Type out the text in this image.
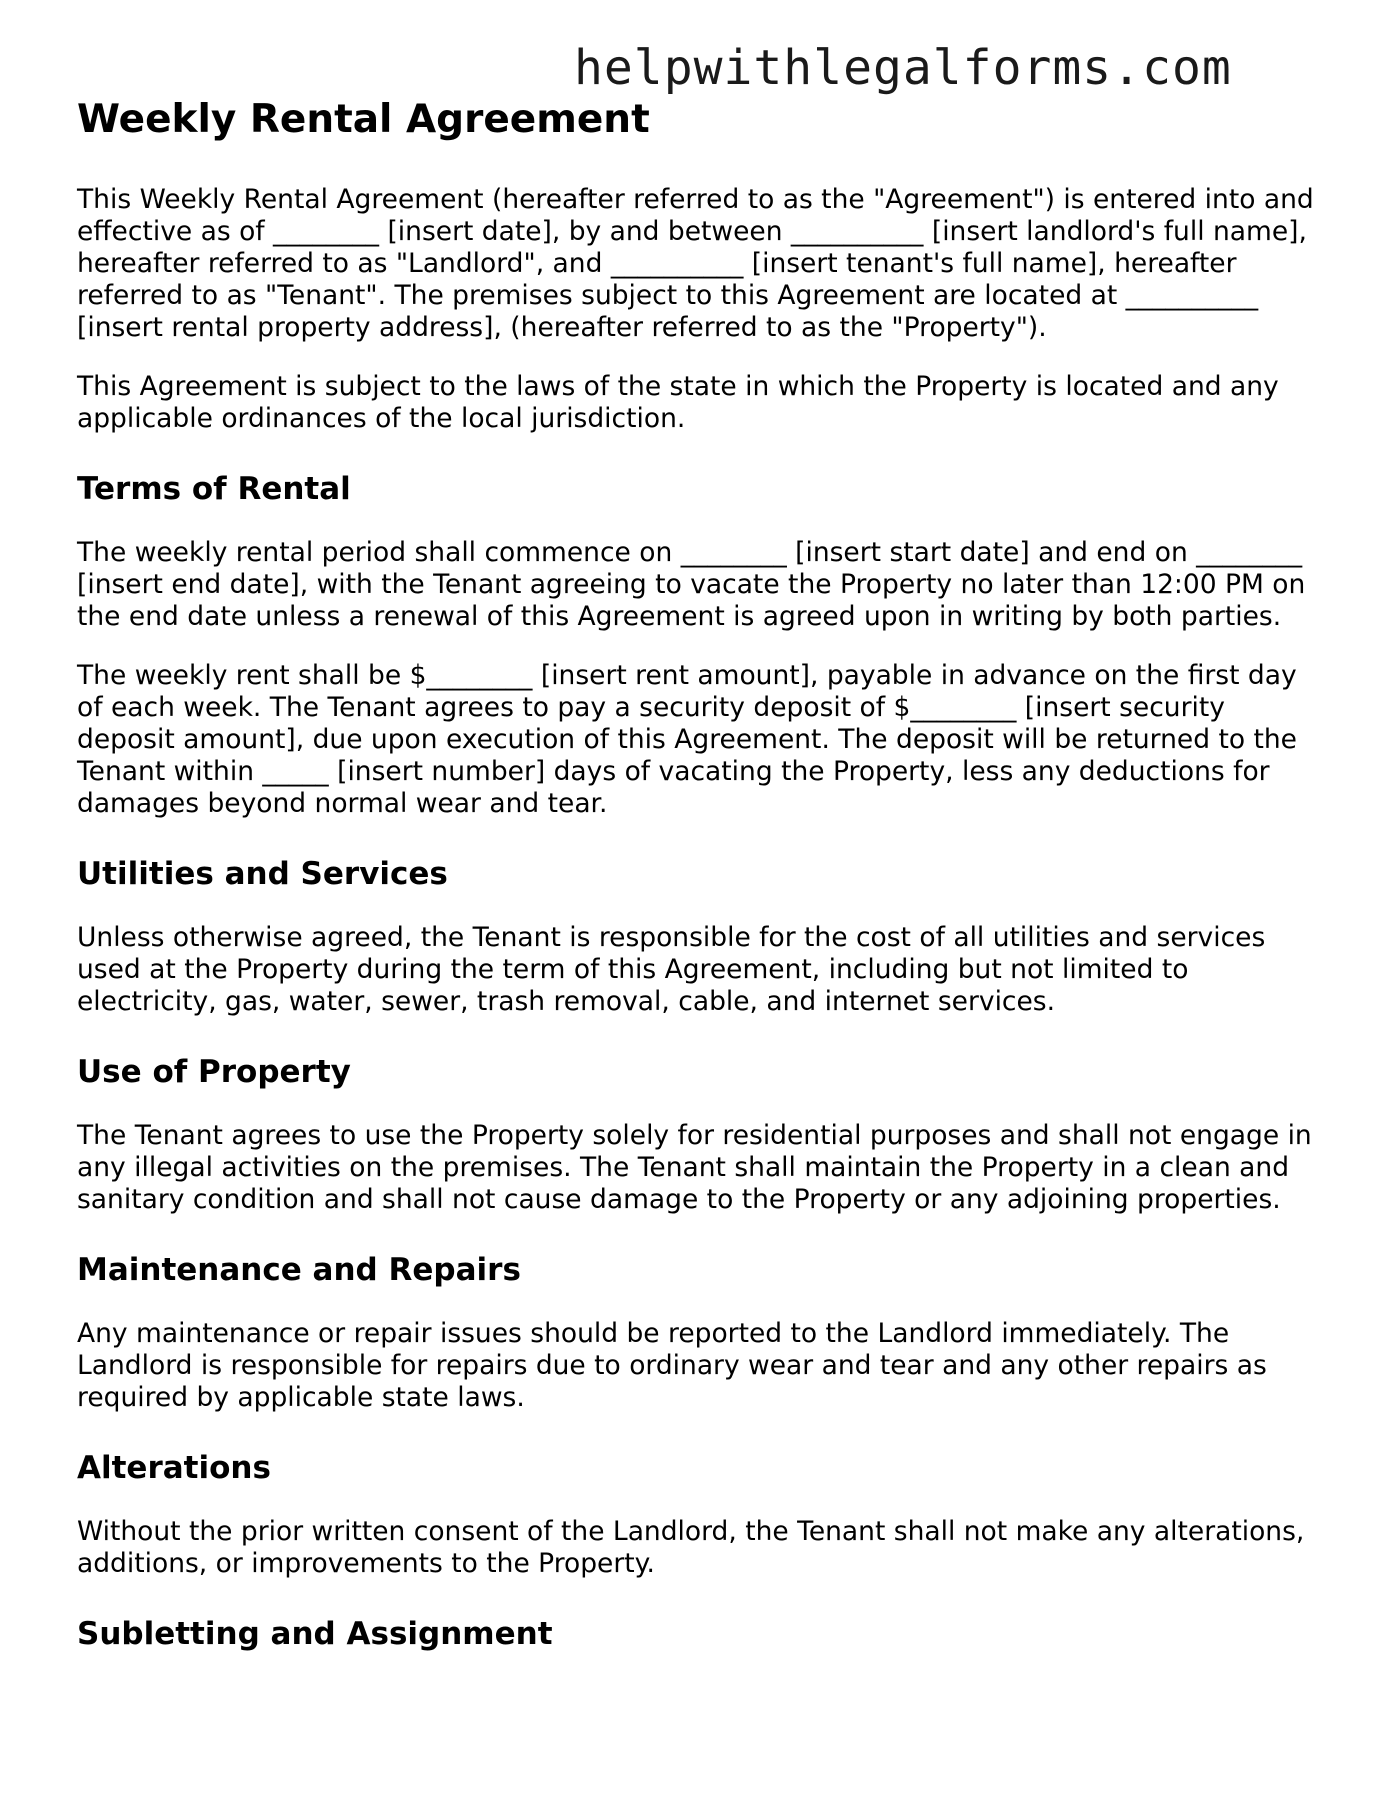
helpwithlegalforms.com
Weekly Rental Agreement

This Weekly Rental Agreement (hereafter referred to as the "Agreement") is entered into and effective as of ________ [insert date], by and between __________ [insert landlord's full name], hereafter referred to as "Landlord", and __________ [insert tenant's full name], hereafter referred to as "Tenant". The premises subject to this Agreement are located at __________ [insert rental property address], (hereafter referred to as the "Property").

This Agreement is subject to the laws of the state in which the Property is located and any applicable ordinances of the local jurisdiction.

Terms of Rental

The weekly rental period shall commence on ________ [insert start date] and end on ________ [insert end date], with the Tenant agreeing to vacate the Property no later than 12:00 PM on the end date unless a renewal of this Agreement is agreed upon in writing by both parties.

The weekly rent shall be $________ [insert rent amount], payable in advance on the first day of each week. The Tenant agrees to pay a security deposit of $________ [insert security deposit amount], due upon execution of this Agreement. The deposit will be returned to the Tenant within _____ [insert number] days of vacating the Property, less any deductions for damages beyond normal wear and tear.

Utilities and Services

Unless otherwise agreed, the Tenant is responsible for the cost of all utilities and services used at the Property during the term of this Agreement, including but not limited to electricity, gas, water, sewer, trash removal, cable, and internet services.

Use of Property

The Tenant agrees to use the Property solely for residential purposes and shall not engage in any illegal activities on the premises. The Tenant shall maintain the Property in a clean and sanitary condition and shall not cause damage to the Property or any adjoining properties.

Maintenance and Repairs

Any maintenance or repair issues should be reported to the Landlord immediately. The Landlord is responsible for repairs due to ordinary wear and tear and any other repairs as required by applicable state laws.

Alterations

Without the prior written consent of the Landlord, the Tenant shall not make any alterations, additions, or improvements to the Property.

Subletting and Assignment
